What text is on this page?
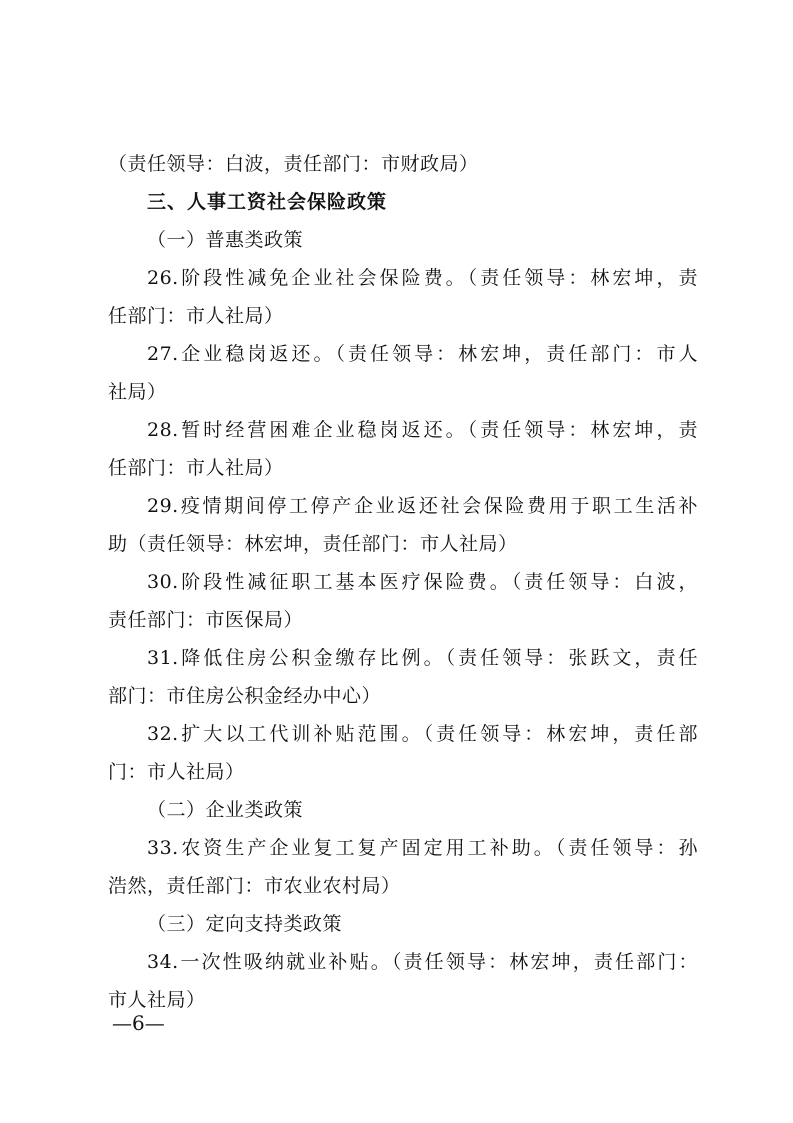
（责任领导：白波，责任部门：市财政局）
三、人事工资社会保险政策
（一）普惠类政策
26.阶段性减免企业社会保险费。（责任领导：林宏坤，责
任部门：市人社局）
27.企业稳岗返还。（责任领导：林宏坤，责任部门：市人
社局）
28.暂时经营困难企业稳岗返还。（责任领导：林宏坤，责
任部门：市人社局）
29.疫情期间停工停产企业返还社会保险费用于职工生活补
助（责任领导：林宏坤，责任部门：市人社局）
30.阶段性减征职工基本医疗保险费。（责任领导：白波，
责任部门：市医保局）
31.降低住房公积金缴存比例。（责任领导：张跃文，责任
部门：市住房公积金经办中心）
32.扩大以工代训补贴范围。（责任领导：林宏坤，责任部
门：市人社局）
（二）企业类政策
33.农资生产企业复工复产固定用工补助。（责任领导：孙
浩然，责任部门：市农业农村局）
（三）定向支持类政策
34.一次性吸纳就业补贴。（责任领导：林宏坤，责任部门：
市人社局）
—6—
